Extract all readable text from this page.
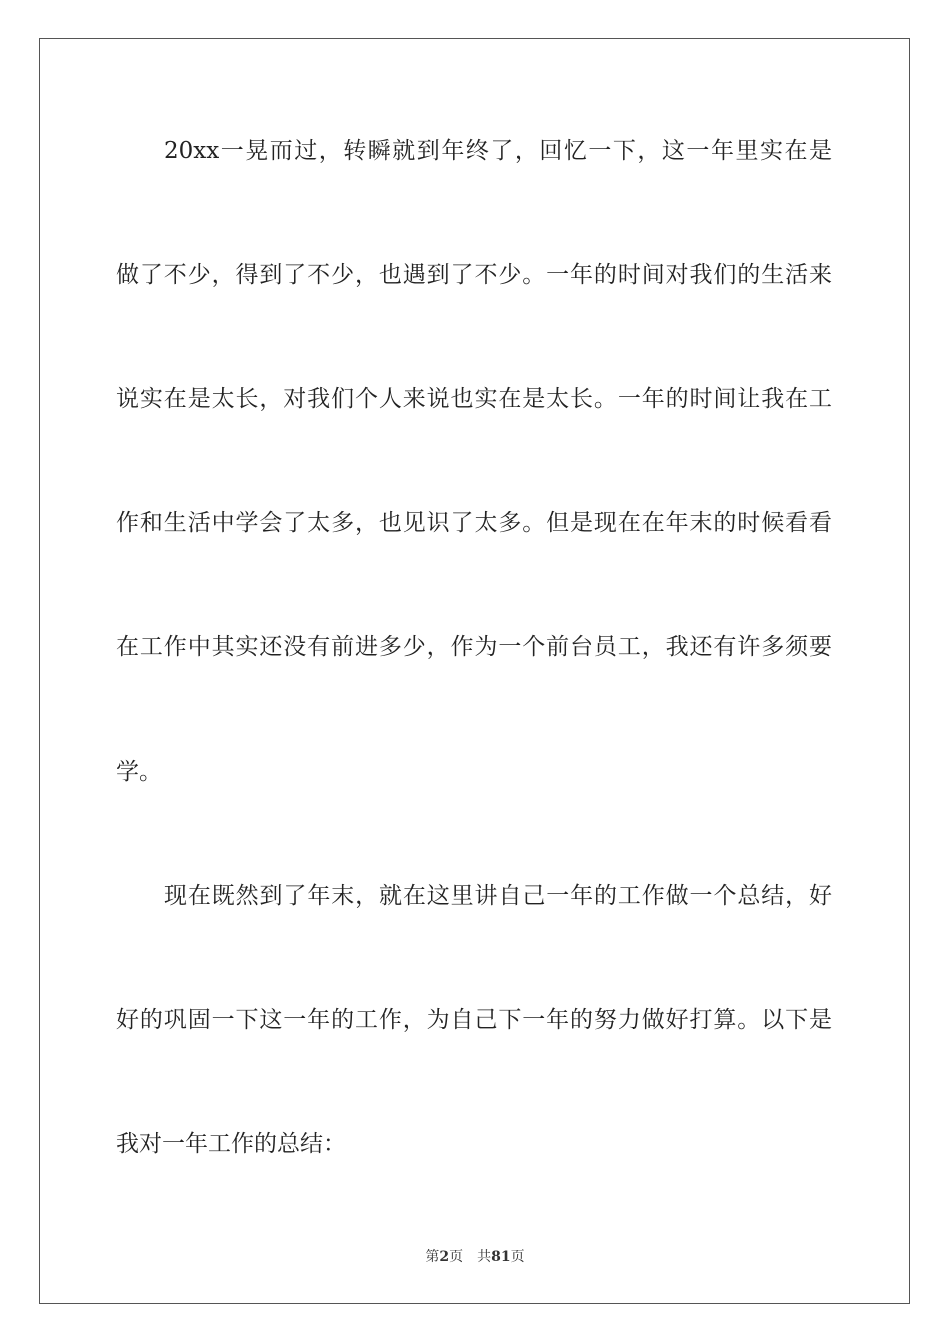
20xx一晃而过，转瞬就到年终了，回忆一下，这一年里实在是
做了不少，得到了不少，也遇到了不少。一年的时间对我们的生活来
说实在是太长，对我们个人来说也实在是太长。一年的时间让我在工
作和生活中学会了太多，也见识了太多。但是现在在年末的时候看看
在工作中其实还没有前进多少，作为一个前台员工，我还有许多须要
学。
现在既然到了年末，就在这里讲自己一年的工作做一个总结，好
好的巩固一下这一年的工作，为自己下一年的努力做好打算。以下是
我对一年工作的总结：
第2页 共81页
